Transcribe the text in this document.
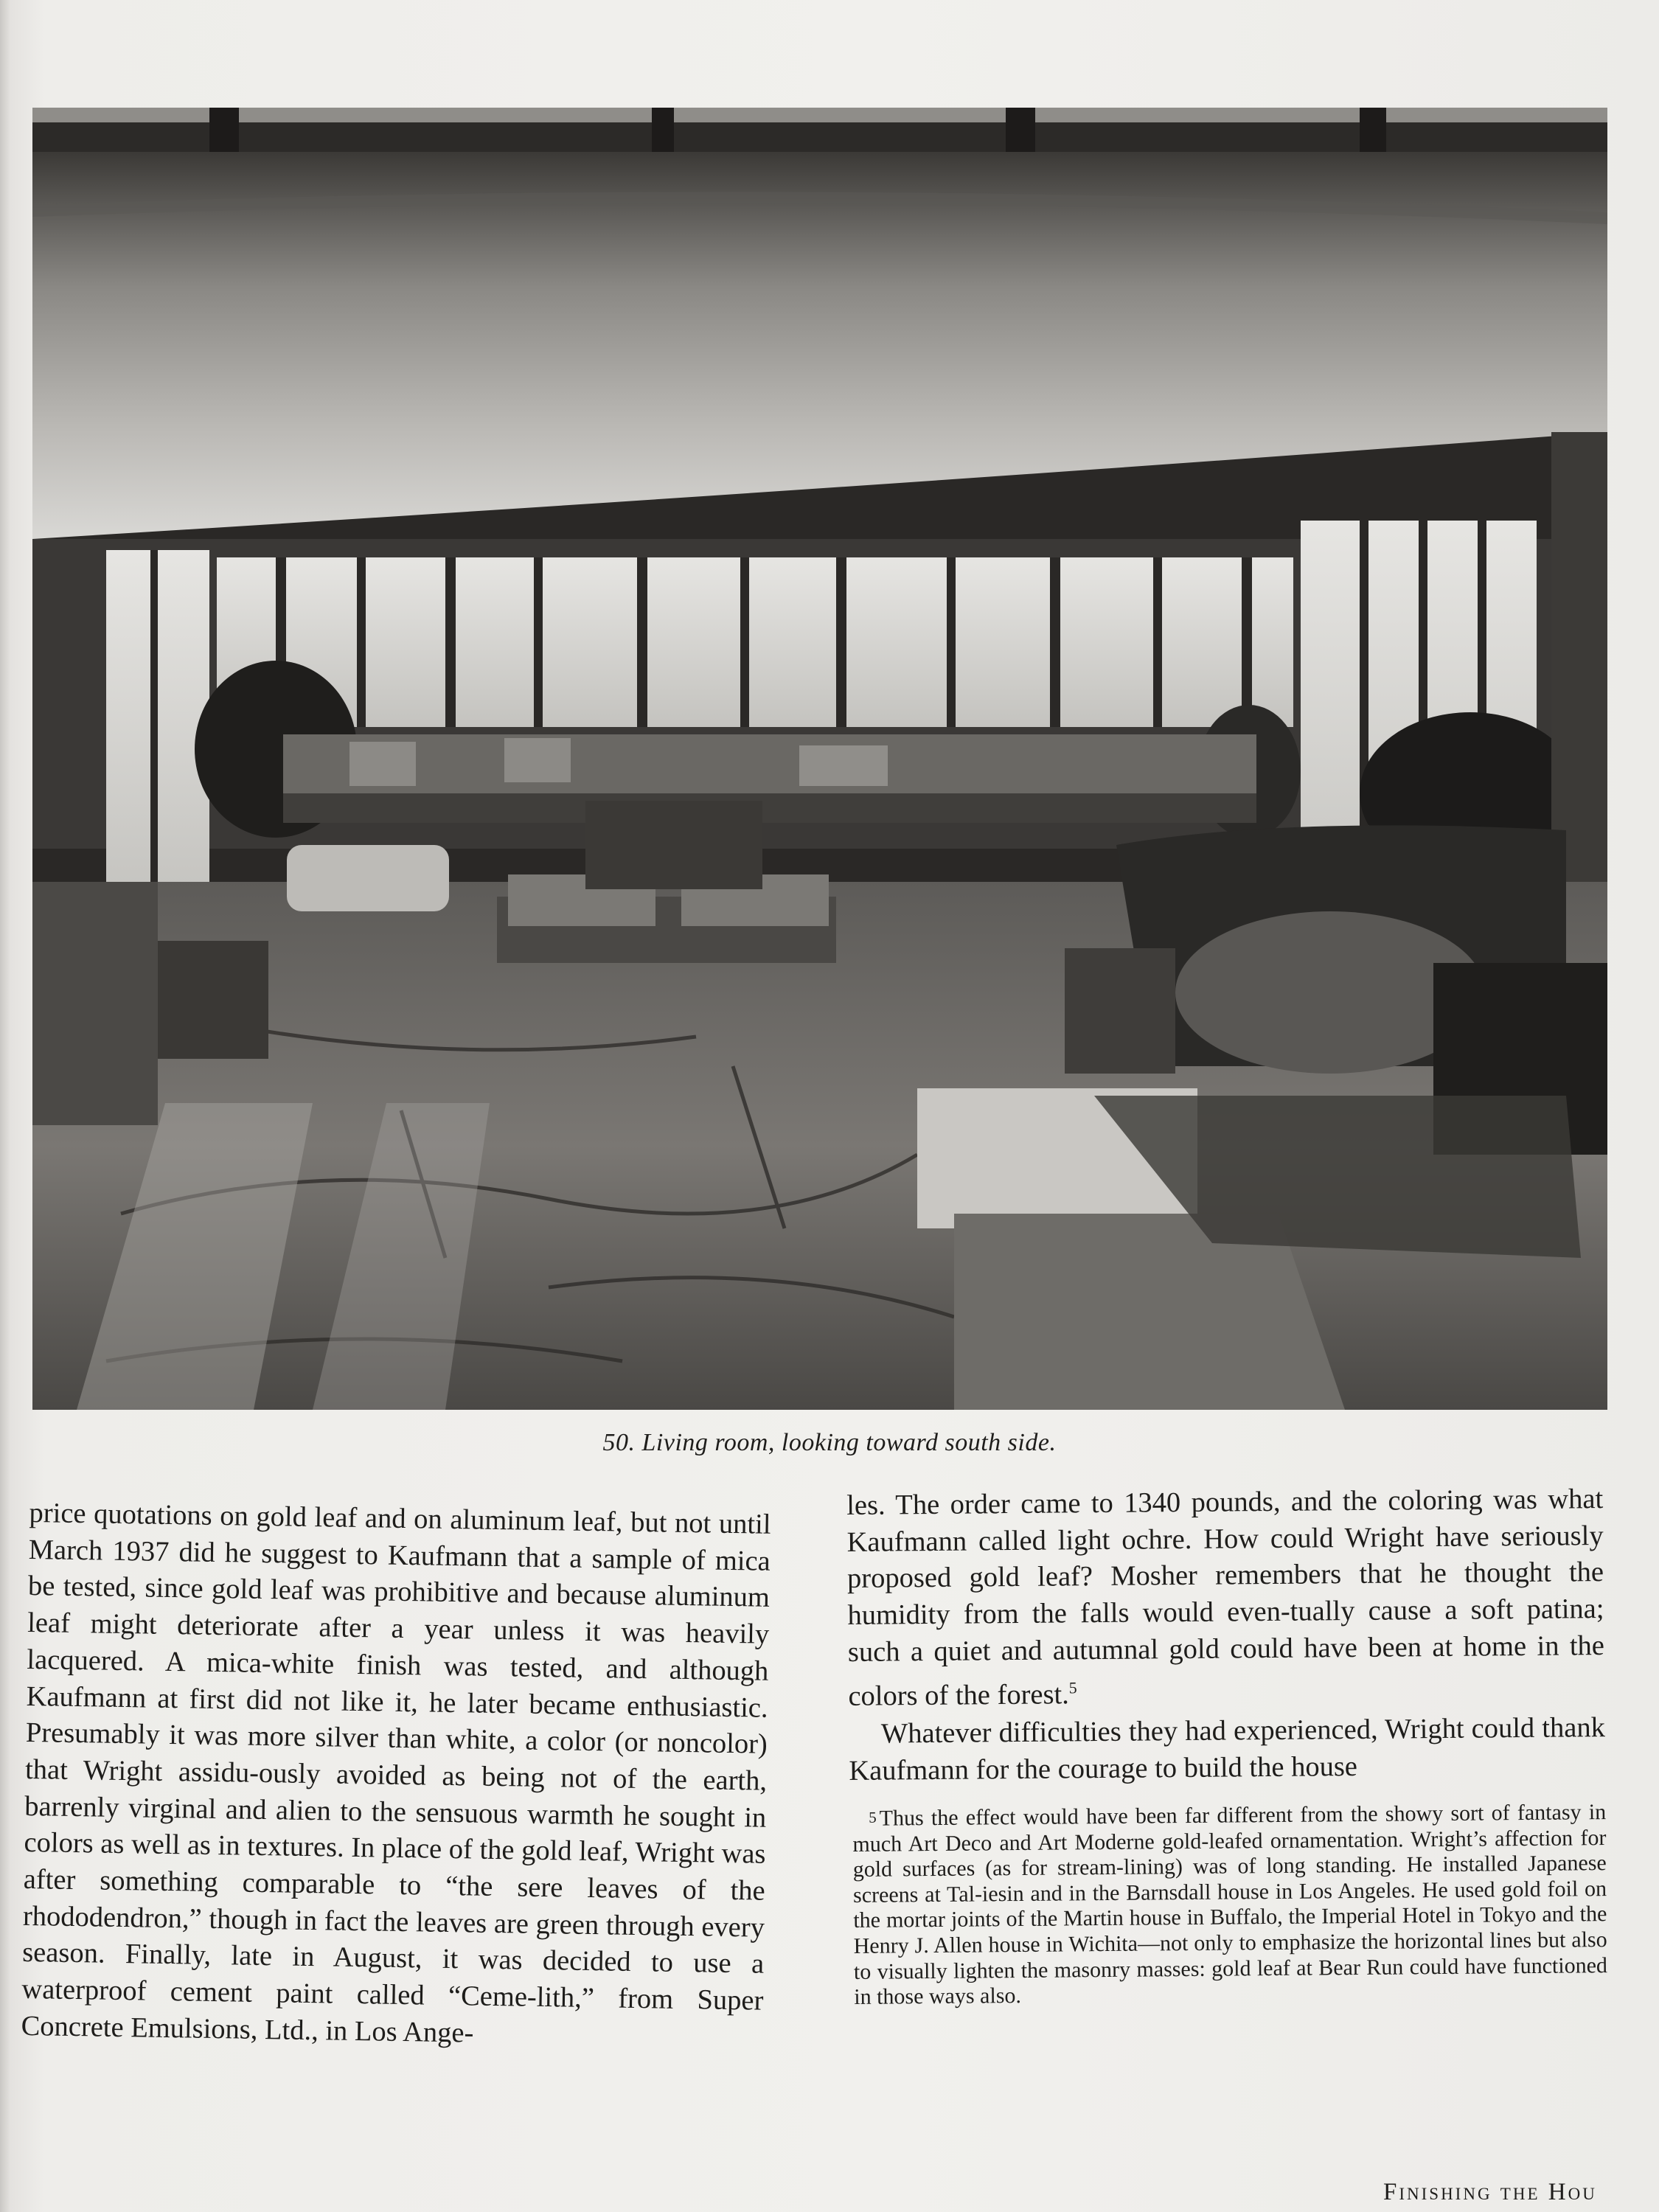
50. Living room, looking toward south side.

price quotations on gold leaf and on aluminum leaf, but not until March 1937 did he suggest to Kaufmann that a sample of mica be tested, since gold leaf was prohibitive and because aluminum leaf might deteriorate after a year unless it was heavily lacquered. A mica-white finish was tested, and although Kaufmann at first did not like it, he later became enthusiastic. Presumably it was more silver than white, a color (or noncolor) that Wright assidu-ously avoided as being not of the earth, barrenly virginal and alien to the sensuous warmth he sought in colors as well as in textures. In place of the gold leaf, Wright was after something comparable to “the sere leaves of the rhododendron,” though in fact the leaves are green through every season. Finally, late in August, it was decided to use a waterproof cement paint called “Ceme-lith,” from Super Concrete Emulsions, Ltd., in Los Ange-

les. The order came to 1340 pounds, and the coloring was what Kaufmann called light ochre. How could Wright have seriously proposed gold leaf? Mosher remembers that he thought the humidity from the falls would even-tually cause a soft patina; such a quiet and autumnal gold could have been at home in the colors of the forest.$^5$

Whatever difficulties they had experienced, Wright could thank Kaufmann for the courage to build the house

5 Thus the effect would have been far different from the showy sort of fantasy in much Art Deco and Art Moderne gold-leafed ornamentation. Wright’s affection for gold surfaces (as for stream-lining) was of long standing. He installed Japanese screens at Tal-iesin and in the Barnsdall house in Los Angeles. He used gold foil on the mortar joints of the Martin house in Buffalo, the Imperial Hotel in Tokyo and the Henry J. Allen house in Wichita—not only to emphasize the horizontal lines but also to visually lighten the masonry masses: gold leaf at Bear Run could have functioned in those ways also.
Finishing the Hou
